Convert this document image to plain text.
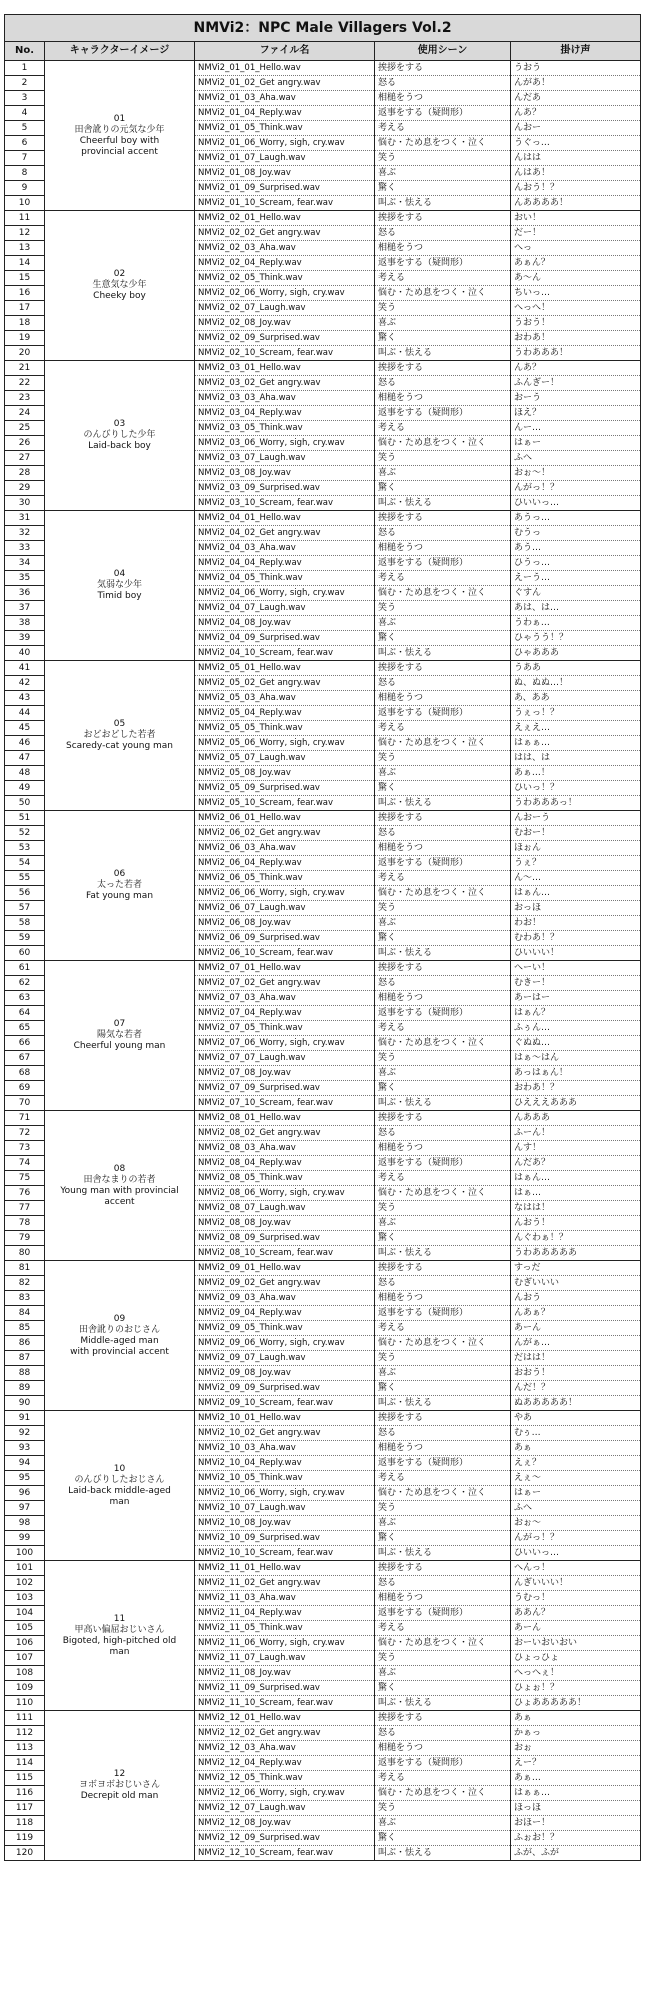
NMVi2：NPC Male Villagers Vol.2				
No.	キャラクターイメージ	ファイル名	使用シーン	掛け声
1	01
田舎訛りの元気な少年
Cheerful boy with
provincial accent	NMVi2_01_01_Hello.wav	挨拶をする	うおう
2		NMVi2_01_02_Get angry.wav	怒る	んがあ！
3		NMVi2_01_03_Aha.wav	相槌をうつ	んだあ
4		NMVi2_01_04_Reply.wav	返事をする（疑問形）	んあ？
5		NMVi2_01_05_Think.wav	考える	んおー
6		NMVi2_01_06_Worry, sigh, cry.wav	悩む・ため息をつく・泣く	うぐっ…
7		NMVi2_01_07_Laugh.wav	笑う	んはは
8		NMVi2_01_08_Joy.wav	喜ぶ	んはあ！
9		NMVi2_01_09_Surprised.wav	驚く	んおう！？
10		NMVi2_01_10_Scream, fear.wav	叫ぶ・怯える	んああああ！
11	02
生意気な少年
Cheeky boy	NMVi2_02_01_Hello.wav	挨拶をする	おい！
12		NMVi2_02_02_Get angry.wav	怒る	だー！
13		NMVi2_02_03_Aha.wav	相槌をうつ	へっ
14		NMVi2_02_04_Reply.wav	返事をする（疑問形）	あぁん？
15		NMVi2_02_05_Think.wav	考える	あ～ん
16		NMVi2_02_06_Worry, sigh, cry.wav	悩む・ため息をつく・泣く	ちいっ…
17		NMVi2_02_07_Laugh.wav	笑う	へっへ！
18		NMVi2_02_08_Joy.wav	喜ぶ	うおう！
19		NMVi2_02_09_Surprised.wav	驚く	おわあ！
20		NMVi2_02_10_Scream, fear.wav	叫ぶ・怯える	うわあああ！
21	03
のんびりした少年
Laid-back boy	NMVi2_03_01_Hello.wav	挨拶をする	んあ？
22		NMVi2_03_02_Get angry.wav	怒る	ふんぎー！
23		NMVi2_03_03_Aha.wav	相槌をうつ	おーう
24		NMVi2_03_04_Reply.wav	返事をする（疑問形）	ほえ？
25		NMVi2_03_05_Think.wav	考える	んー…
26		NMVi2_03_06_Worry, sigh, cry.wav	悩む・ため息をつく・泣く	はぁー
27		NMVi2_03_07_Laugh.wav	笑う	ふへ
28		NMVi2_03_08_Joy.wav	喜ぶ	おぉ～！
29		NMVi2_03_09_Surprised.wav	驚く	んがっ！？
30		NMVi2_03_10_Scream, fear.wav	叫ぶ・怯える	ひいいっ…
31	04
気弱な少年
Timid boy	NMVi2_04_01_Hello.wav	挨拶をする	あうっ…
32		NMVi2_04_02_Get angry.wav	怒る	むうっ
33		NMVi2_04_03_Aha.wav	相槌をうつ	あう…
34		NMVi2_04_04_Reply.wav	返事をする（疑問形）	ひうっ…
35		NMVi2_04_05_Think.wav	考える	えーう…
36		NMVi2_04_06_Worry, sigh, cry.wav	悩む・ため息をつく・泣く	ぐすん
37		NMVi2_04_07_Laugh.wav	笑う	あは、は…
38		NMVi2_04_08_Joy.wav	喜ぶ	うわぁ…
39		NMVi2_04_09_Surprised.wav	驚く	ひゃうう！？
40		NMVi2_04_10_Scream, fear.wav	叫ぶ・怯える	ひゃあああ
41	05
おどおどした若者
Scaredy-cat young man	NMVi2_05_01_Hello.wav	挨拶をする	うああ
42		NMVi2_05_02_Get angry.wav	怒る	ぬ、ぬぬ…！
43		NMVi2_05_03_Aha.wav	相槌をうつ	あ、ああ
44		NMVi2_05_04_Reply.wav	返事をする（疑問形）	うぇっ！？
45		NMVi2_05_05_Think.wav	考える	えぇえ…
46		NMVi2_05_06_Worry, sigh, cry.wav	悩む・ため息をつく・泣く	はぁぁ…
47		NMVi2_05_07_Laugh.wav	笑う	はは、は
48		NMVi2_05_08_Joy.wav	喜ぶ	あぁ…！
49		NMVi2_05_09_Surprised.wav	驚く	ひいっ！？
50		NMVi2_05_10_Scream, fear.wav	叫ぶ・怯える	うわあああっ！
51	06
太った若者
Fat young man	NMVi2_06_01_Hello.wav	挨拶をする	んおーう
52		NMVi2_06_02_Get angry.wav	怒る	むおー！
53		NMVi2_06_03_Aha.wav	相槌をうつ	ほぉん
54		NMVi2_06_04_Reply.wav	返事をする（疑問形）	うぇ？
55		NMVi2_06_05_Think.wav	考える	ん～…
56		NMVi2_06_06_Worry, sigh, cry.wav	悩む・ため息をつく・泣く	はぁん…
57		NMVi2_06_07_Laugh.wav	笑う	おっほ
58		NMVi2_06_08_Joy.wav	喜ぶ	わお！
59		NMVi2_06_09_Surprised.wav	驚く	むわあ！？
60		NMVi2_06_10_Scream, fear.wav	叫ぶ・怯える	ひいいい！
61	07
陽気な若者
Cheerful young man	NMVi2_07_01_Hello.wav	挨拶をする	へーい！
62		NMVi2_07_02_Get angry.wav	怒る	むきー！
63		NMVi2_07_03_Aha.wav	相槌をうつ	あーはー
64		NMVi2_07_04_Reply.wav	返事をする（疑問形）	はぁん？
65		NMVi2_07_05_Think.wav	考える	ふぅん…
66		NMVi2_07_06_Worry, sigh, cry.wav	悩む・ため息をつく・泣く	ぐぬぬ…
67		NMVi2_07_07_Laugh.wav	笑う	はぁ～はん
68		NMVi2_07_08_Joy.wav	喜ぶ	あっはぁん！
69		NMVi2_07_09_Surprised.wav	驚く	おわあ！？
70		NMVi2_07_10_Scream, fear.wav	叫ぶ・怯える	ひえええあああ
71	08
田舎なまりの若者
Young man with provincial
accent	NMVi2_08_01_Hello.wav	挨拶をする	んあああ
72		NMVi2_08_02_Get angry.wav	怒る	ふーん！
73		NMVi2_08_03_Aha.wav	相槌をうつ	んす！
74		NMVi2_08_04_Reply.wav	返事をする（疑問形）	んだあ？
75		NMVi2_08_05_Think.wav	考える	はぁん…
76		NMVi2_08_06_Worry, sigh, cry.wav	悩む・ため息をつく・泣く	はぁ…
77		NMVi2_08_07_Laugh.wav	笑う	なはは！
78		NMVi2_08_08_Joy.wav	喜ぶ	んおう！
79		NMVi2_08_09_Surprised.wav	驚く	んぐわぁ！？
80		NMVi2_08_10_Scream, fear.wav	叫ぶ・怯える	うわあああああ
81	09
田舎訛りのおじさん
Middle-aged man
with provincial accent	NMVi2_09_01_Hello.wav	挨拶をする	すっだ
82		NMVi2_09_02_Get angry.wav	怒る	むぎいいい
83		NMVi2_09_03_Aha.wav	相槌をうつ	んおう
84		NMVi2_09_04_Reply.wav	返事をする（疑問形）	んあぁ？
85		NMVi2_09_05_Think.wav	考える	あーん
86		NMVi2_09_06_Worry, sigh, cry.wav	悩む・ため息をつく・泣く	んがぁ…
87		NMVi2_09_07_Laugh.wav	笑う	だはは！
88		NMVi2_09_08_Joy.wav	喜ぶ	おおう！
89		NMVi2_09_09_Surprised.wav	驚く	んだ！？
90		NMVi2_09_10_Scream, fear.wav	叫ぶ・怯える	ぬあああああ！
91	10
のんびりしたおじさん
Laid-back middle-aged
man	NMVi2_10_01_Hello.wav	挨拶をする	やあ
92		NMVi2_10_02_Get angry.wav	怒る	むぅ…
93		NMVi2_10_03_Aha.wav	相槌をうつ	あぁ
94		NMVi2_10_04_Reply.wav	返事をする（疑問形）	えぇ？
95		NMVi2_10_05_Think.wav	考える	えぇ～
96		NMVi2_10_06_Worry, sigh, cry.wav	悩む・ため息をつく・泣く	はぁー
97		NMVi2_10_07_Laugh.wav	笑う	ふへ
98		NMVi2_10_08_Joy.wav	喜ぶ	おぉ～
99		NMVi2_10_09_Surprised.wav	驚く	んがっ！？
100		NMVi2_10_10_Scream, fear.wav	叫ぶ・怯える	ひいいっ…
101	11
甲高い偏屈おじいさん
Bigoted, high-pitched old
man	NMVi2_11_01_Hello.wav	挨拶をする	へんっ！
102		NMVi2_11_02_Get angry.wav	怒る	んぎいいい！
103		NMVi2_11_03_Aha.wav	相槌をうつ	うむっ！
104		NMVi2_11_04_Reply.wav	返事をする（疑問形）	ああん？
105		NMVi2_11_05_Think.wav	考える	あーん
106		NMVi2_11_06_Worry, sigh, cry.wav	悩む・ため息をつく・泣く	おーいおいおい
107		NMVi2_11_07_Laugh.wav	笑う	ひょっひょ
108		NMVi2_11_08_Joy.wav	喜ぶ	へっへぇ！
109		NMVi2_11_09_Surprised.wav	驚く	ひょぉ！？
110		NMVi2_11_10_Scream, fear.wav	叫ぶ・怯える	ひょあああああ！
111	12
ヨボヨボおじいさん
Decrepit old man	NMVi2_12_01_Hello.wav	挨拶をする	あぁ
112		NMVi2_12_02_Get angry.wav	怒る	かぁっ
113		NMVi2_12_03_Aha.wav	相槌をうつ	おぉ
114		NMVi2_12_04_Reply.wav	返事をする（疑問形）	えー？
115		NMVi2_12_05_Think.wav	考える	あぁ…
116		NMVi2_12_06_Worry, sigh, cry.wav	悩む・ため息をつく・泣く	はぁぁ…
117		NMVi2_12_07_Laugh.wav	笑う	ほっほ
118		NMVi2_12_08_Joy.wav	喜ぶ	おほー！
119		NMVi2_12_09_Surprised.wav	驚く	ふぉお！？
120		NMVi2_12_10_Scream, fear.wav	叫ぶ・怯える	ふが、ふが
